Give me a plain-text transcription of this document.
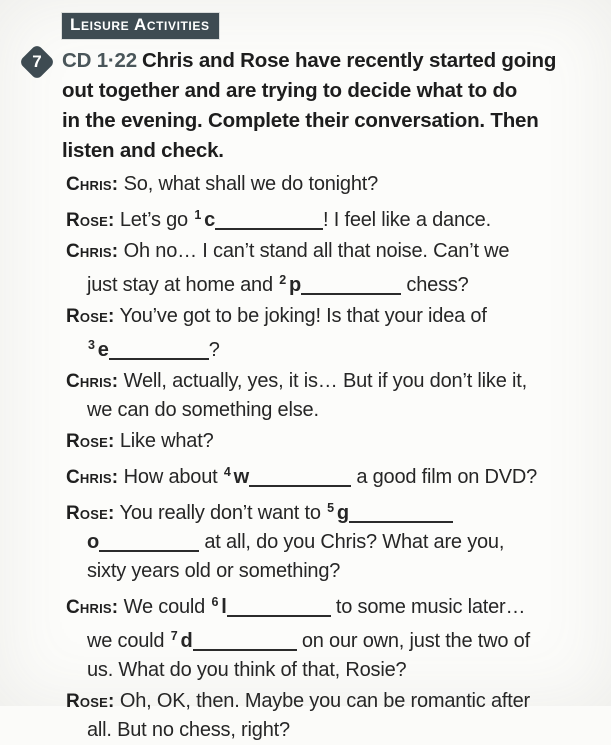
Leisure Activities
7 CD 1·22 Chris and Rose have recently started going
out together and are trying to decide what to do
in the evening. Complete their conversation. Then
listen and check.

Chris: So, what shall we do tonight?

Rose: Let’s go $^1$ c	! I feel like a dance.

Chris: Oh no… I can’t stand all that noise. Can’t we
just stay at home and $^2$ p	chess?

Rose: You’ve got to be joking! Is that your idea of
$^3$ e	?

Chris: Well, actually, yes, it is… But if you don’t like it,
we can do something else.

Rose: Like what?

Chris: How about $^4$ w	a good film on DVD?

Rose: You really don’t want to $^5$ g
o	at all, do you Chris? What are you,
sixty years old or something?

Chris: We could $^6$ l	to some music later…
we could $^7$ d	on our own, just the two of
us. What do you think of that, Rosie?

Rose: Oh, OK, then. Maybe you can be romantic after
all. But no chess, right?
